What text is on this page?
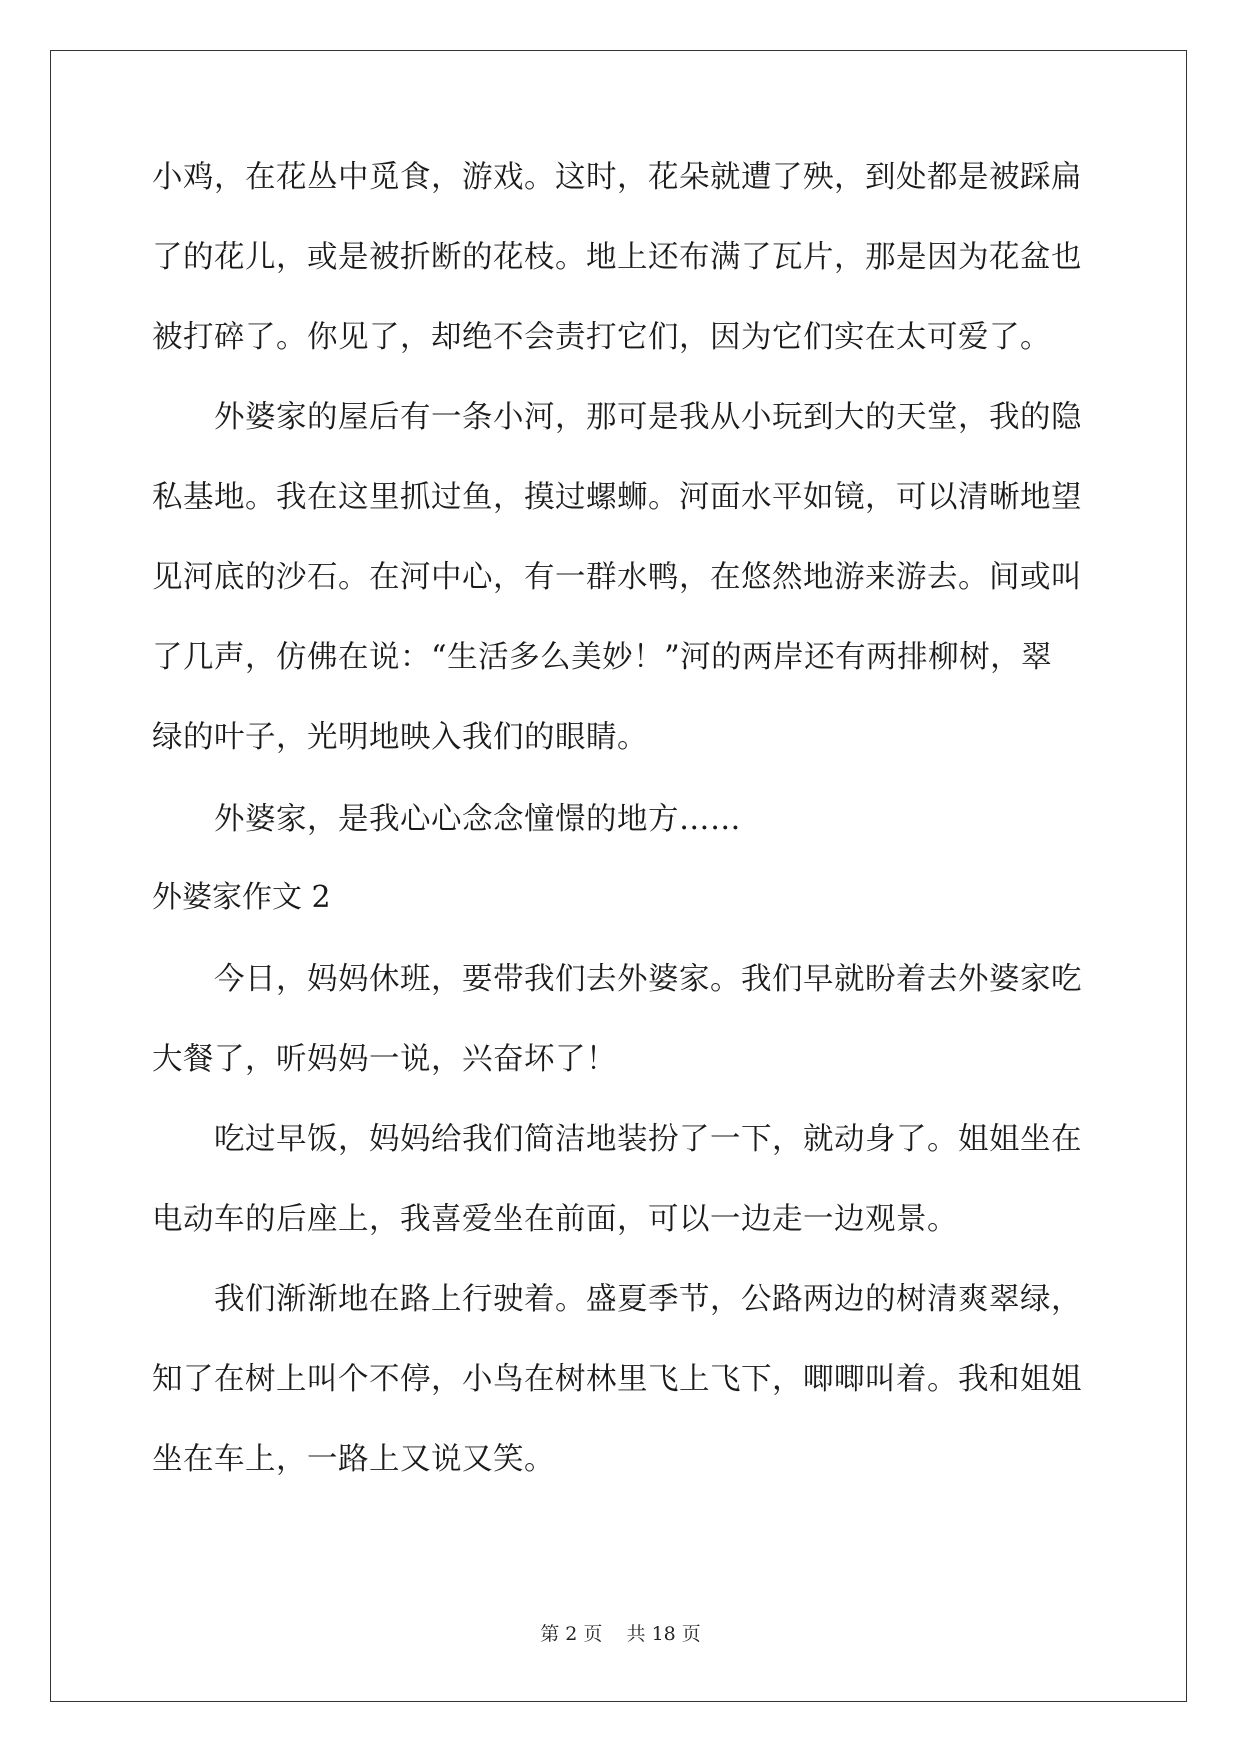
小鸡，在花丛中觅食，游戏。这时，花朵就遭了殃，到处都是被踩扁
了的花儿，或是被折断的花枝。地上还布满了瓦片，那是因为花盆也
被打碎了。你见了，却绝不会责打它们，因为它们实在太可爱了。
外婆家的屋后有一条小河，那可是我从小玩到大的天堂，我的隐
私基地。我在这里抓过鱼，摸过螺蛳。河面水平如镜，可以清晰地望
见河底的沙石。在河中心，有一群水鸭，在悠然地游来游去。间或叫
了几声，仿佛在说：“生活多么美妙！”河的两岸还有两排柳树，翠
绿的叶子，光明地映入我们的眼睛。
外婆家，是我心心念念憧憬的地方……
外婆家作文 2
今日，妈妈休班，要带我们去外婆家。我们早就盼着去外婆家吃
大餐了，听妈妈一说，兴奋坏了！
吃过早饭，妈妈给我们简洁地装扮了一下，就动身了。姐姐坐在
电动车的后座上，我喜爱坐在前面，可以一边走一边观景。
我们渐渐地在路上行驶着。盛夏季节，公路两边的树清爽翠绿，
知了在树上叫个不停，小鸟在树林里飞上飞下，唧唧叫着。我和姐姐
坐在车上，一路上又说又笑。
第 2 页 共 18 页
